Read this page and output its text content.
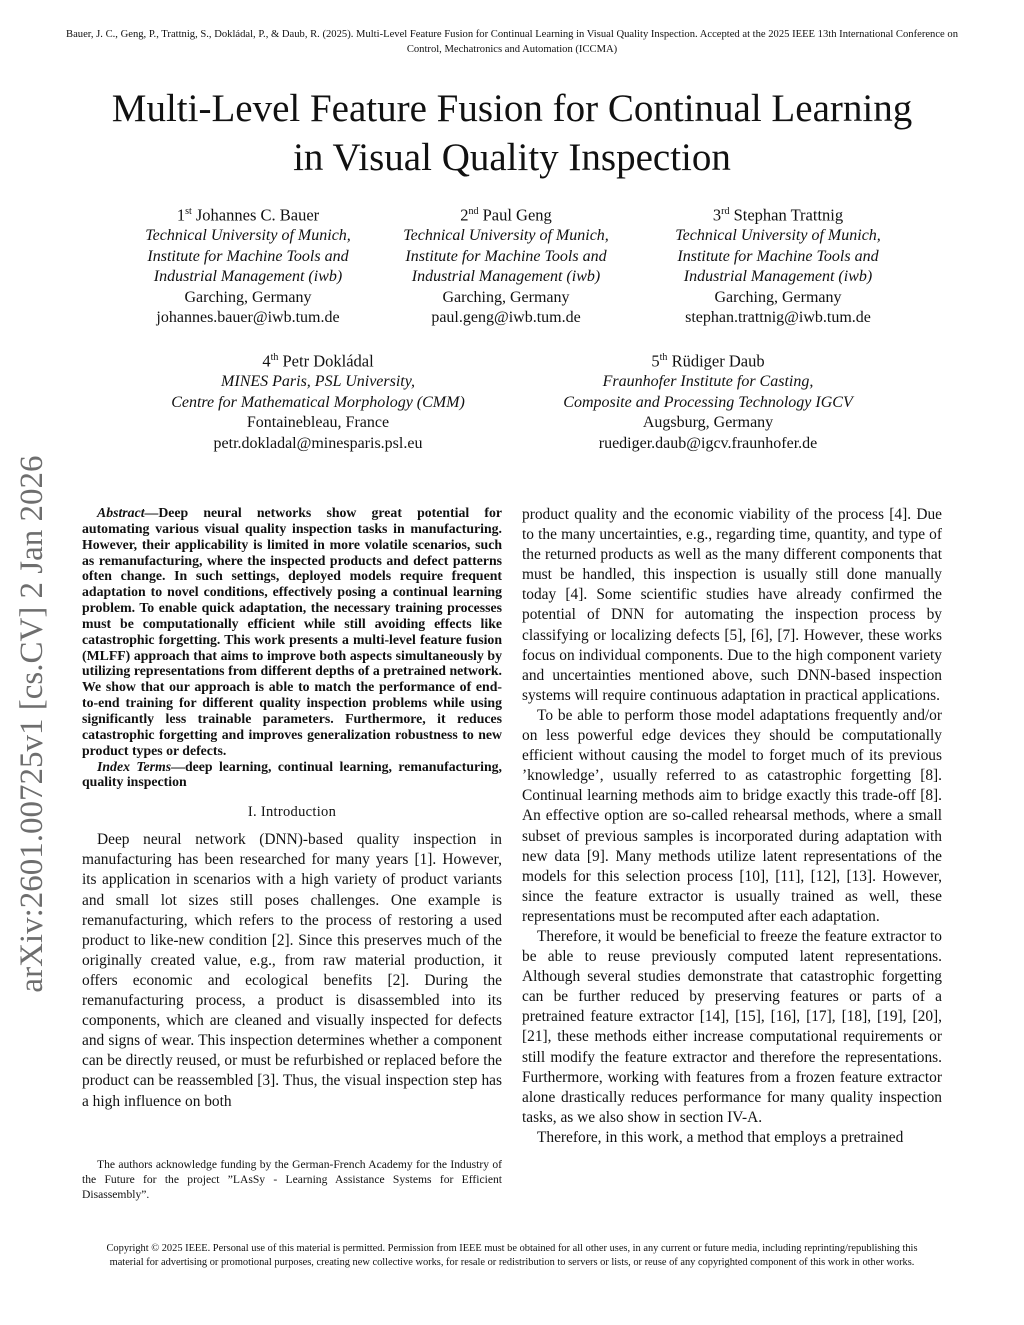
Bauer, J. C., Geng, P., Trattnig, S., Dokládal, P., & Daub, R. (2025). Multi-Level Feature Fusion for Continual Learning in Visual Quality Inspection. Accepted at the 2025 IEEE 13th International Conference on Control, Mechatronics and Automation (ICCMA)
Multi-Level Feature Fusion for Continual Learning
in Visual Quality Inspection
arXiv:2601.00725v1 [cs.CV] 2 Jan 2026
1st Johannes C. Bauer
Technical University of Munich,
Institute for Machine Tools and
Industrial Management (iwb)
Garching, Germany
johannes.bauer@iwb.tum.de
2nd Paul Geng
Technical University of Munich,
Institute for Machine Tools and
Industrial Management (iwb)
Garching, Germany
paul.geng@iwb.tum.de
3rd Stephan Trattnig
Technical University of Munich,
Institute for Machine Tools and
Industrial Management (iwb)
Garching, Germany
stephan.trattnig@iwb.tum.de
4th Petr Dokládal
MINES Paris, PSL University,
Centre for Mathematical Morphology (CMM)
Fontainebleau, France
petr.dokladal@minesparis.psl.eu
5th Rüdiger Daub
Fraunhofer Institute for Casting,
Composite and Processing Technology IGCV
Augsburg, Germany
ruediger.daub@igcv.fraunhofer.de

Abstract—Deep neural networks show great potential for automating various visual quality inspection tasks in manufacturing. However, their applicability is limited in more volatile scenarios, such as remanufacturing, where the inspected products and defect patterns often change. In such settings, deployed models require frequent adaptation to novel conditions, effectively posing a continual learning problem. To enable quick adaptation, the necessary training processes must be computationally efficient while still avoiding effects like catastrophic forgetting. This work presents a multi-level feature fusion (MLFF) approach that aims to improve both aspects simultaneously by utilizing representations from different depths of a pretrained network. We show that our approach is able to match the performance of end-to-end training for different quality inspection problems while using significantly less trainable parameters. Furthermore, it reduces catastrophic forgetting and improves generalization robustness to new product types or defects.

Index Terms—deep learning, continual learning, remanufacturing, quality inspection

I. Introduction

Deep neural network (DNN)-based quality inspection in manufacturing has been researched for many years [1]. However, its application in scenarios with a high variety of product variants and small lot sizes still poses challenges. One example is remanufacturing, which refers to the process of restoring a used product to like-new condition [2]. Since this preserves much of the originally created value, e.g., from raw material production, it offers economic and ecological benefits [2]. During the remanufacturing process, a product is disassembled into its components, which are cleaned and visually inspected for defects and signs of wear. This inspection determines whether a component can be directly reused, or must be refurbished or replaced before the product can be reassembled [3]. Thus, the visual inspection step has a high influence on both

The authors acknowledge funding by the German-French Academy for the Industry of the Future for the project ”LAsSy - Learning Assistance Systems for Efficient Disassembly”.

product quality and the economic viability of the process [4]. Due to the many uncertainties, e.g., regarding time, quantity, and type of the returned products as well as the many different components that must be handled, this inspection is usually still done manually today [4]. Some scientific studies have already confirmed the potential of DNN for automating the inspection process by classifying or localizing defects [5], [6], [7]. However, these works focus on individual components. Due to the high component variety and uncertainties mentioned above, such DNN-based inspection systems will require continuous adaptation in practical applications.

To be able to perform those model adaptations frequently and/or on less powerful edge devices they should be computationally efficient without causing the model to forget much of its previous ’knowledge’, usually referred to as catastrophic forgetting [8]. Continual learning methods aim to bridge exactly this trade-off [8]. An effective option are so-called rehearsal methods, where a small subset of previous samples is incorporated during adaptation with new data [9]. Many methods utilize latent representations of the models for this selection process [10], [11], [12], [13]. However, since the feature extractor is usually trained as well, these representations must be recomputed after each adaptation.

Therefore, it would be beneficial to freeze the feature extractor to be able to reuse previously computed latent representations. Although several studies demonstrate that catastrophic forgetting can be further reduced by preserving features or parts of a pretrained feature extractor [14], [15], [16], [17], [18], [19], [20], [21], these methods either increase computational requirements or still modify the feature extractor and therefore the representations. Furthermore, working with features from a frozen feature extractor alone drastically reduces performance for many quality inspection tasks, as we also show in section IV-A.

Therefore, in this work, a method that employs a pretrained

Copyright © 2025 IEEE. Personal use of this material is permitted. Permission from IEEE must be obtained for all other uses, in any current or future media, including reprinting/republishing this material for advertising or promotional purposes, creating new collective works, for resale or redistribution to servers or lists, or reuse of any copyrighted component of this work in other works.
